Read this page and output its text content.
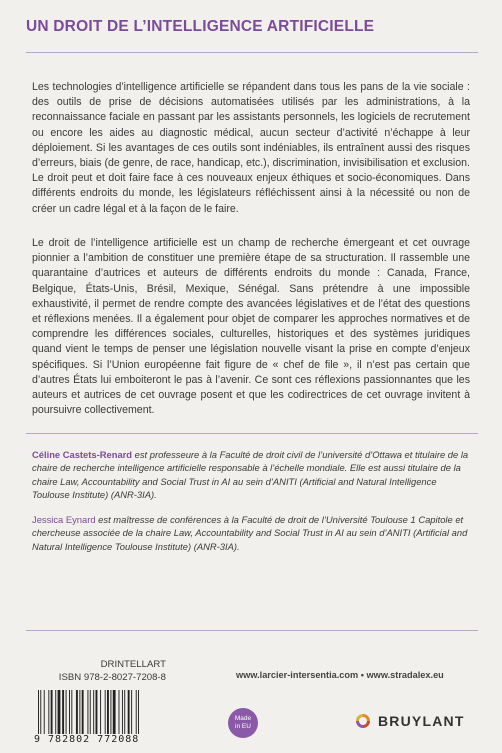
UN DROIT DE L’INTELLIGENCE ARTIFICIELLE

Les technologies d’intelligence artificielle se répandent dans tous les pans de la vie sociale : des outils de prise de décisions automatisées utilisés par les administrations, à la reconnaissance faciale en passant par les assistants personnels, les logiciels de recrutement ou encore les aides au diagnostic médical, aucun secteur d’activité n’échappe à leur déploiement. Si les avantages de ces outils sont indéniables, ils entraînent aussi des risques d’erreurs, biais (de genre, de race, handicap, etc.), discrimination, invisibilisation et exclusion. Le droit peut et doit faire face à ces nouveaux enjeux éthiques et socio-économiques. Dans différents endroits du monde, les législateurs réfléchissent ainsi à la nécessité ou non de créer un cadre légal et à la façon de le faire.

Le droit de l’intelligence artificielle est un champ de recherche émergeant et cet ouvrage pionnier a l’ambition de constituer une première étape de sa structuration. Il rassemble une quarantaine d’autrices et auteurs de différents endroits du monde : Canada, France, Belgique, États-Unis, Brésil, Mexique, Sénégal. Sans prétendre à une impossible exhaustivité, il permet de rendre compte des avancées législatives et de l’état des questions et réflexions menées. Il a également pour objet de comparer les approches normatives et de comprendre les différences sociales, culturelles, historiques et des systèmes juridiques quand vient le temps de penser une législation nouvelle visant la prise en compte d’enjeux spécifiques. Si l’Union européenne fait figure de « chef de file », il n’est pas certain que d’autres États lui emboiteront le pas à l’avenir. Ce sont ces réflexions passionnantes que les auteurs et autrices de cet ouvrage posent et que les codirectrices de cet ouvrage invitent à poursuivre collectivement.

Céline Castets-Renard est professeure à la Faculté de droit civil de l’université d’Ottawa et titulaire de la chaire de recherche intelligence artificielle responsable à l’échelle mondiale. Elle est aussi titulaire de la chaire Law, Accountability and Social Trust in AI au sein d’ANITI (Artificial and Natural Intelligence Toulouse Institute) (ANR-3IA).

Jessica Eynard est maîtresse de conférences à la Faculté de droit de l’Université Toulouse 1 Capitole et chercheuse associée de la chaire Law, Accountability and Social Trust in AI au sein d’ANITI (Artificial and Natural Intelligence Toulouse Institute) (ANR-3IA).

DRINTELLART
ISBN 978-2-8027-7208-8
9 782802 772088
www.larcier-intersentia.com • www.stradalex.eu
Made
in EU	BRUYLANT
